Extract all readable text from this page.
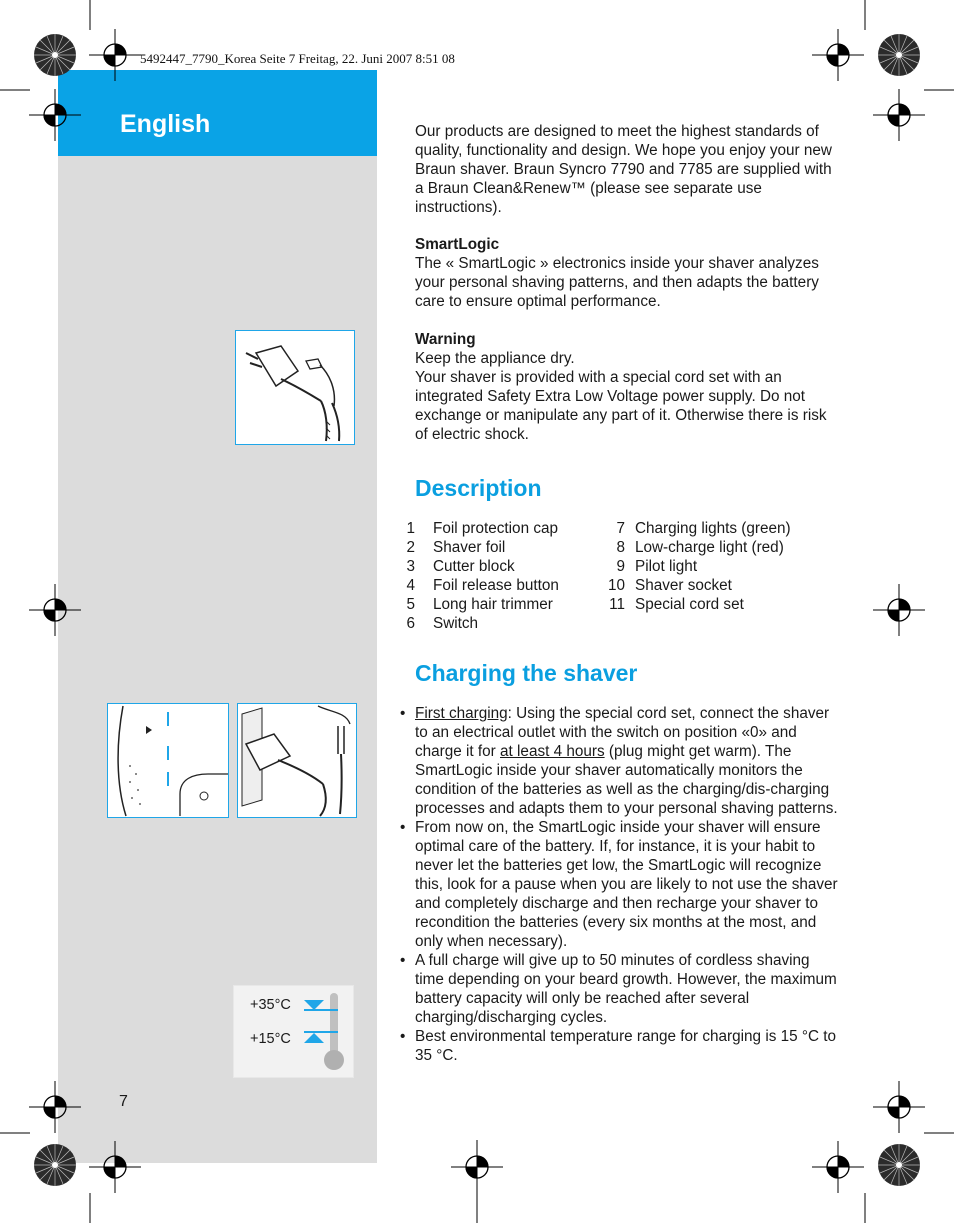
English
5492447_7790_Korea Seite 7 Freitag, 22. Juni 2007 8:51 08
+35°C
+15°C
7

Our products are designed to meet the highest standards of quality, functionality and design. We hope you enjoy your new Braun shaver. Braun Syncro 7790 and 7785 are supplied with a Braun Clean&Renew™ (please see separate use instructions).

SmartLogic

The « SmartLogic » electronics inside your shaver analyzes your personal shaving patterns, and then adapts the battery care to ensure optimal performance.

Warning

Keep the appliance dry.

Your shaver is provided with a special cord set with an integrated Safety Extra Low Voltage power supply. Do not exchange or manipulate any part of it. Otherwise there is risk of electric shock.

Description
1 Foil protection cap
2 Shaver foil
3 Cutter block
4 Foil release button
5 Long hair trimmer
6 Switch
7 Charging lights (green)
8 Low-charge light (red)
9 Pilot light
10 Shaver socket
11 Special cord set
Charging the shaver
• First charging: Using the special cord set, connect the shaver to an electrical outlet with the switch on position «0» and charge it for at least 4 hours (plug might get warm). The SmartLogic inside your shaver automatically monitors the condition of the batteries as well as the charging/dis-charging processes and adapts them to your personal shaving patterns.
• From now on, the SmartLogic inside your shaver will ensure optimal care of the battery. If, for instance, it is your habit to never let the batteries get low, the SmartLogic will recognize this, look for a pause when you are likely to not use the shaver and completely discharge and then recharge your shaver to recondition the batteries (every six months at the most, and only when necessary).
• A full charge will give up to 50 minutes of cordless shaving time depending on your beard growth. However, the maximum battery capacity will only be reached after several charging/discharging cycles.
• Best environmental temperature range for charging is 15 °C to 35 °C.
